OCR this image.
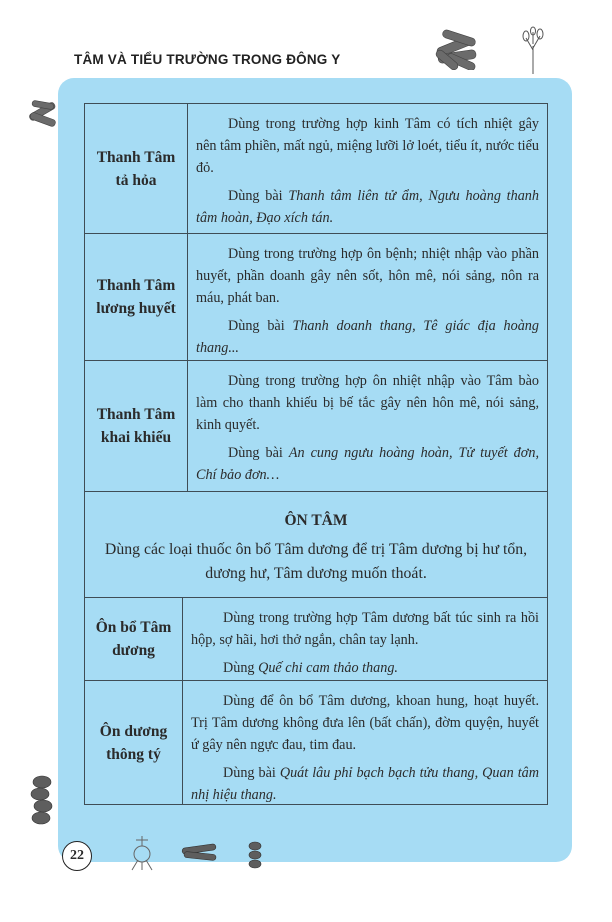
TÂM VÀ TIỂU TRƯỜNG TRONG ĐÔNG Y
Thanh Tâm tả hỏa

Dùng trong trường hợp kinh Tâm có tích nhiệt gây nên tâm phiền, mất ngủ, miệng lưỡi lở loét, tiểu ít, nước tiểu đỏ.

Dùng bài Thanh tâm liên tử ẩm, Ngưu hoàng thanh tâm hoàn, Đạo xích tán.

Thanh Tâm lương huyết

Dùng trong trường hợp ôn bệnh; nhiệt nhập vào phần huyết, phần doanh gây nên sốt, hôn mê, nói sảng, nôn ra máu, phát ban.

Dùng bài Thanh doanh thang, Tê giác địa hoàng thang...

Thanh Tâm khai khiếu

Dùng trong trường hợp ôn nhiệt nhập vào Tâm bào làm cho thanh khiếu bị bế tắc gây nên hôn mê, nói sảng, kinh quyết.

Dùng bài An cung ngưu hoàng hoàn, Tử tuyết đơn, Chí bảo đơn…

ÔN TÂM
Dùng các loại thuốc ôn bổ Tâm dương để trị Tâm dương bị hư tổn, dương hư, Tâm dương muốn thoát.
Ôn bổ Tâm dương

Dùng trong trường hợp Tâm dương bất túc sinh ra hồi hộp, sợ hãi, hơi thở ngắn, chân tay lạnh.

Dùng Quế chi cam thảo thang.

Ôn dương thông tý

Dùng để ôn bổ Tâm dương, khoan hung, hoạt huyết. Trị Tâm dương không đưa lên (bất chấn), đờm quyện, huyết ứ gây nên ngực đau, tim đau.

Dùng bài Quát lâu phỉ bạch bạch tửu thang, Quan tâm nhị hiệu thang.

22
